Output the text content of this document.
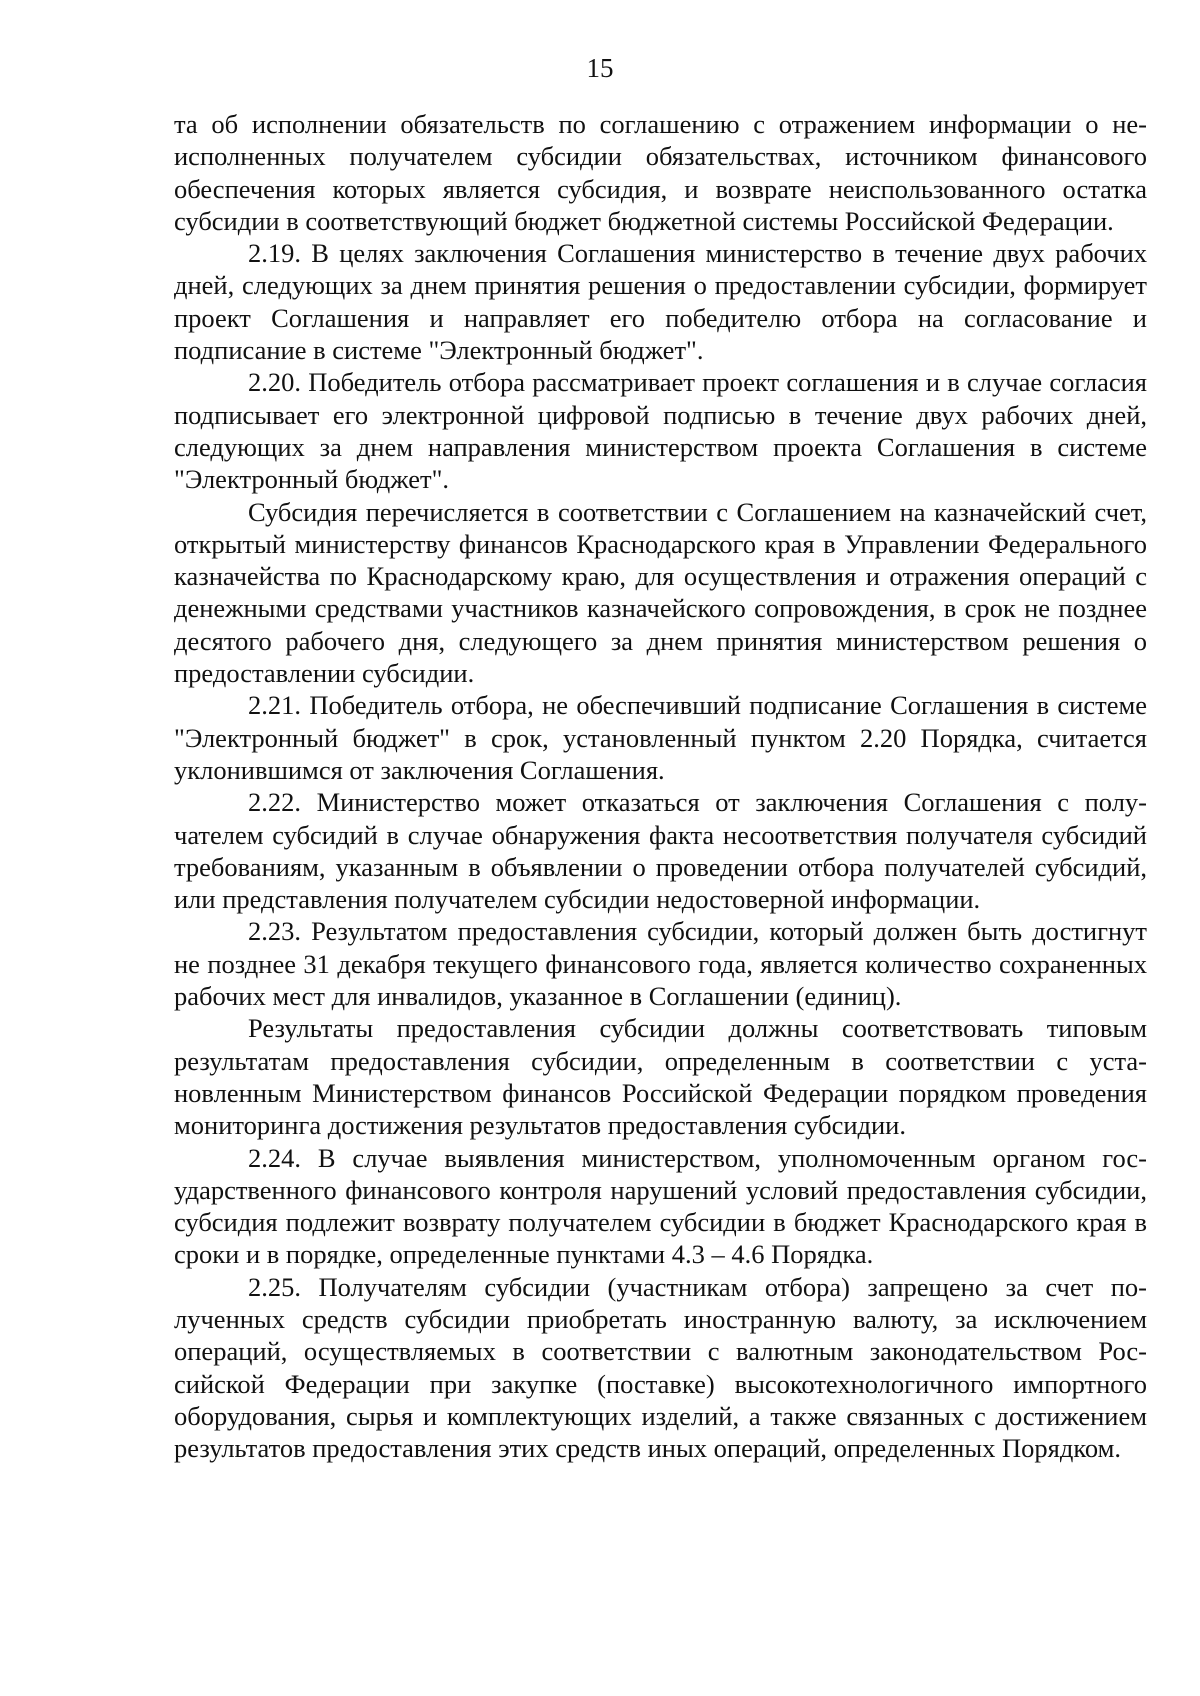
15

та об исполнении обязательств по соглашению с отражением информации о неисполненных получателем субсидии обязательствах, источником финансового обеспечения которых является субсидия, и возврате неиспользованного остатка субсидии в соответствующий бюджет бюджетной системы Российской Федерации.

2.19. В целях заключения Соглашения министерство в течение двух рабочих дней, следующих за днем принятия решения о предоставлении субсидии, формирует проект Соглашения и направляет его победителю отбора на согласование и подписание в системе "Электронный бюджет".

2.20. Победитель отбора рассматривает проект соглашения и в случае согласия подписывает его электронной цифровой подписью в течение двух рабочих дней, следующих за днем направления министерством проекта Соглашения в системе "Электронный бюджет".

Субсидия перечисляется в соответствии с Соглашением на казначейский счет, открытый министерству финансов Краснодарского края в Управлении Федерального казначейства по Краснодарскому краю, для осуществления и отражения операций с денежными средствами участников казначейского сопровождения, в срок не позднее десятого рабочего дня, следующего за днем принятия министерством решения о предоставлении субсидии.

2.21. Победитель отбора, не обеспечивший подписание Соглашения в системе "Электронный бюджет" в срок, установленный пунктом 2.20 Порядка, считается уклонившимся от заключения Соглашения.

2.22. Министерство может отказаться от заключения Соглашения с получателем субсидий в случае обнаружения факта несоответствия получателя субсидий требованиям, указанным в объявлении о проведении отбора получателей субсидий, или представления получателем субсидии недостоверной информации.

2.23. Результатом предоставления субсидии, который должен быть достигнут не позднее 31 декабря текущего финансового года, является количество сохраненных рабочих мест для инвалидов, указанное в Соглашении (единиц).

Результаты предоставления субсидии должны соответствовать типовым результатам предоставления субсидии, определенным в соответствии с установленным Министерством финансов Российской Федерации порядком проведения мониторинга достижения результатов предоставления субсидии.

2.24. В случае выявления министерством, уполномоченным органом государственного финансового контроля нарушений условий предоставления субсидии, субсидия подлежит возврату получателем субсидии в бюджет Краснодарского края в сроки и в порядке, определенные пунктами 4.3 – 4.6 Порядка.

2.25. Получателям субсидии (участникам отбора) запрещено за счет полученных средств субсидии приобретать иностранную валюту, за исключением операций, осуществляемых в соответствии с валютным законодательством Российской Федерации при закупке (поставке) высокотехнологичного импортного оборудования, сырья и комплектующих изделий, а также связанных с достижением результатов предоставления этих средств иных операций, определенных Порядком.
